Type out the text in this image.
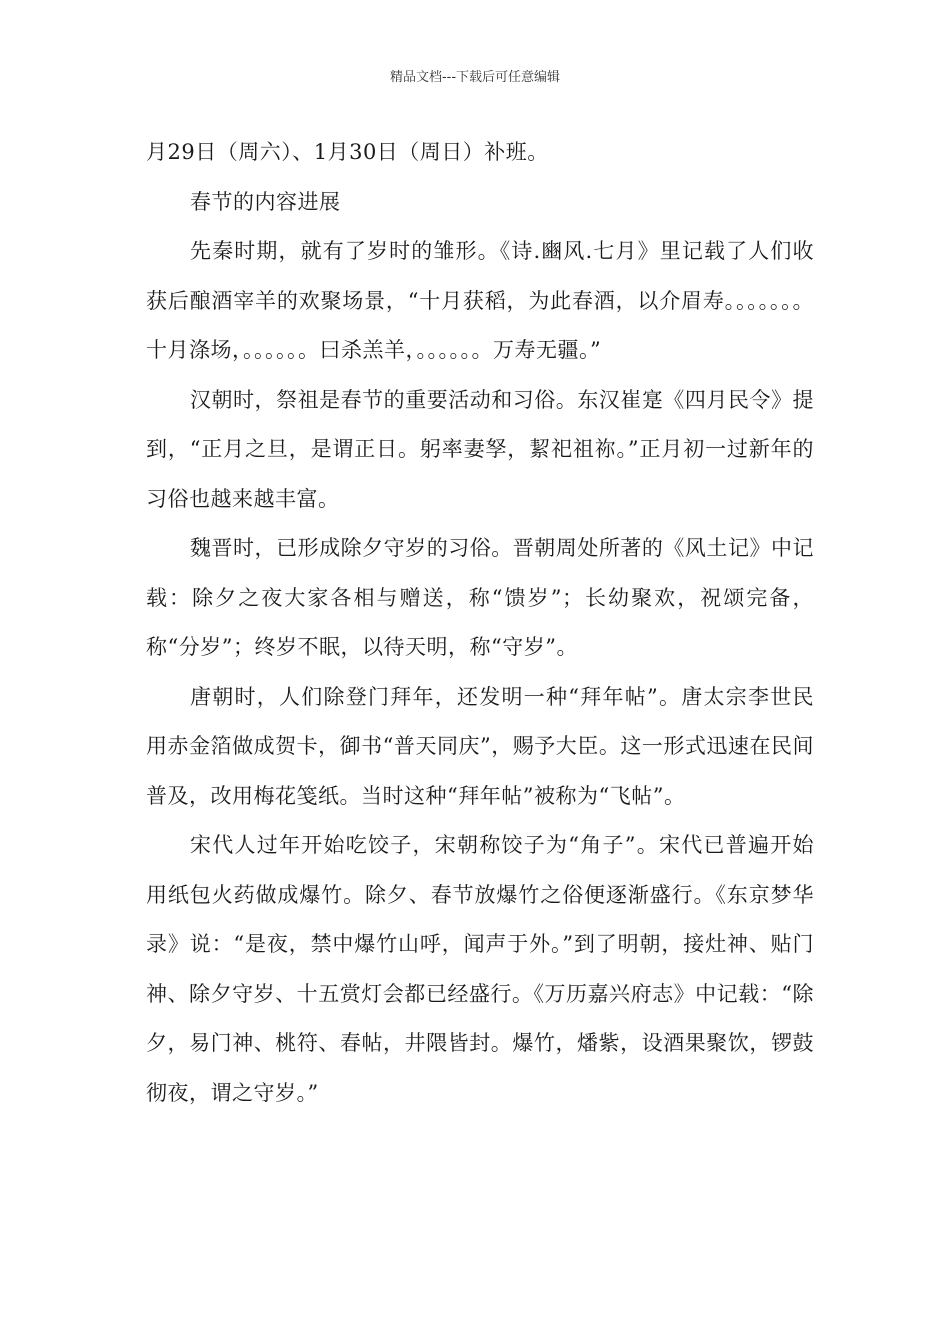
精品文档---下载后可任意编辑

月29日（周六）、1月30日（周日）补班。

春节的内容进展

先秦时期，就有了岁时的雏形。《诗.豳风.七月》里记载了人们收获后酿酒宰羊的欢聚场景，“十月获稻，为此春酒，以介眉寿。。。。。。。十月涤场，。。。。。。曰杀羔羊，。。。。。。万寿无疆。”

汉朝时，祭祖是春节的重要活动和习俗。东汉崔寔《四月民令》提到，“正月之旦，是谓正日。躬率妻孥，絜祀祖祢。”正月初一过新年的习俗也越来越丰富。

魏晋时，已形成除夕守岁的习俗。晋朝周处所著的《风土记》中记载：除夕之夜大家各相与赠送，称“馈岁”；长幼聚欢，祝颂完备，称“分岁”；终岁不眠，以待天明，称“守岁”。

唐朝时，人们除登门拜年，还发明一种“拜年帖”。唐太宗李世民用赤金箔做成贺卡，御书“普天同庆”，赐予大臣。这一形式迅速在民间普及，改用梅花笺纸。当时这种“拜年帖”被称为“飞帖”。

宋代人过年开始吃饺子，宋朝称饺子为“角子”。宋代已普遍开始用纸包火药做成爆竹。除夕、春节放爆竹之俗便逐渐盛行。《东京梦华录》说：“是夜，禁中爆竹山呼，闻声于外。”到了明朝，接灶神、贴门神、除夕守岁、十五赏灯会都已经盛行。《万历嘉兴府志》中记载：“除夕，易门神、桃符、春帖，井隈皆封。爆竹，燔紫，设酒果聚饮，锣鼓彻夜，谓之守岁。”
